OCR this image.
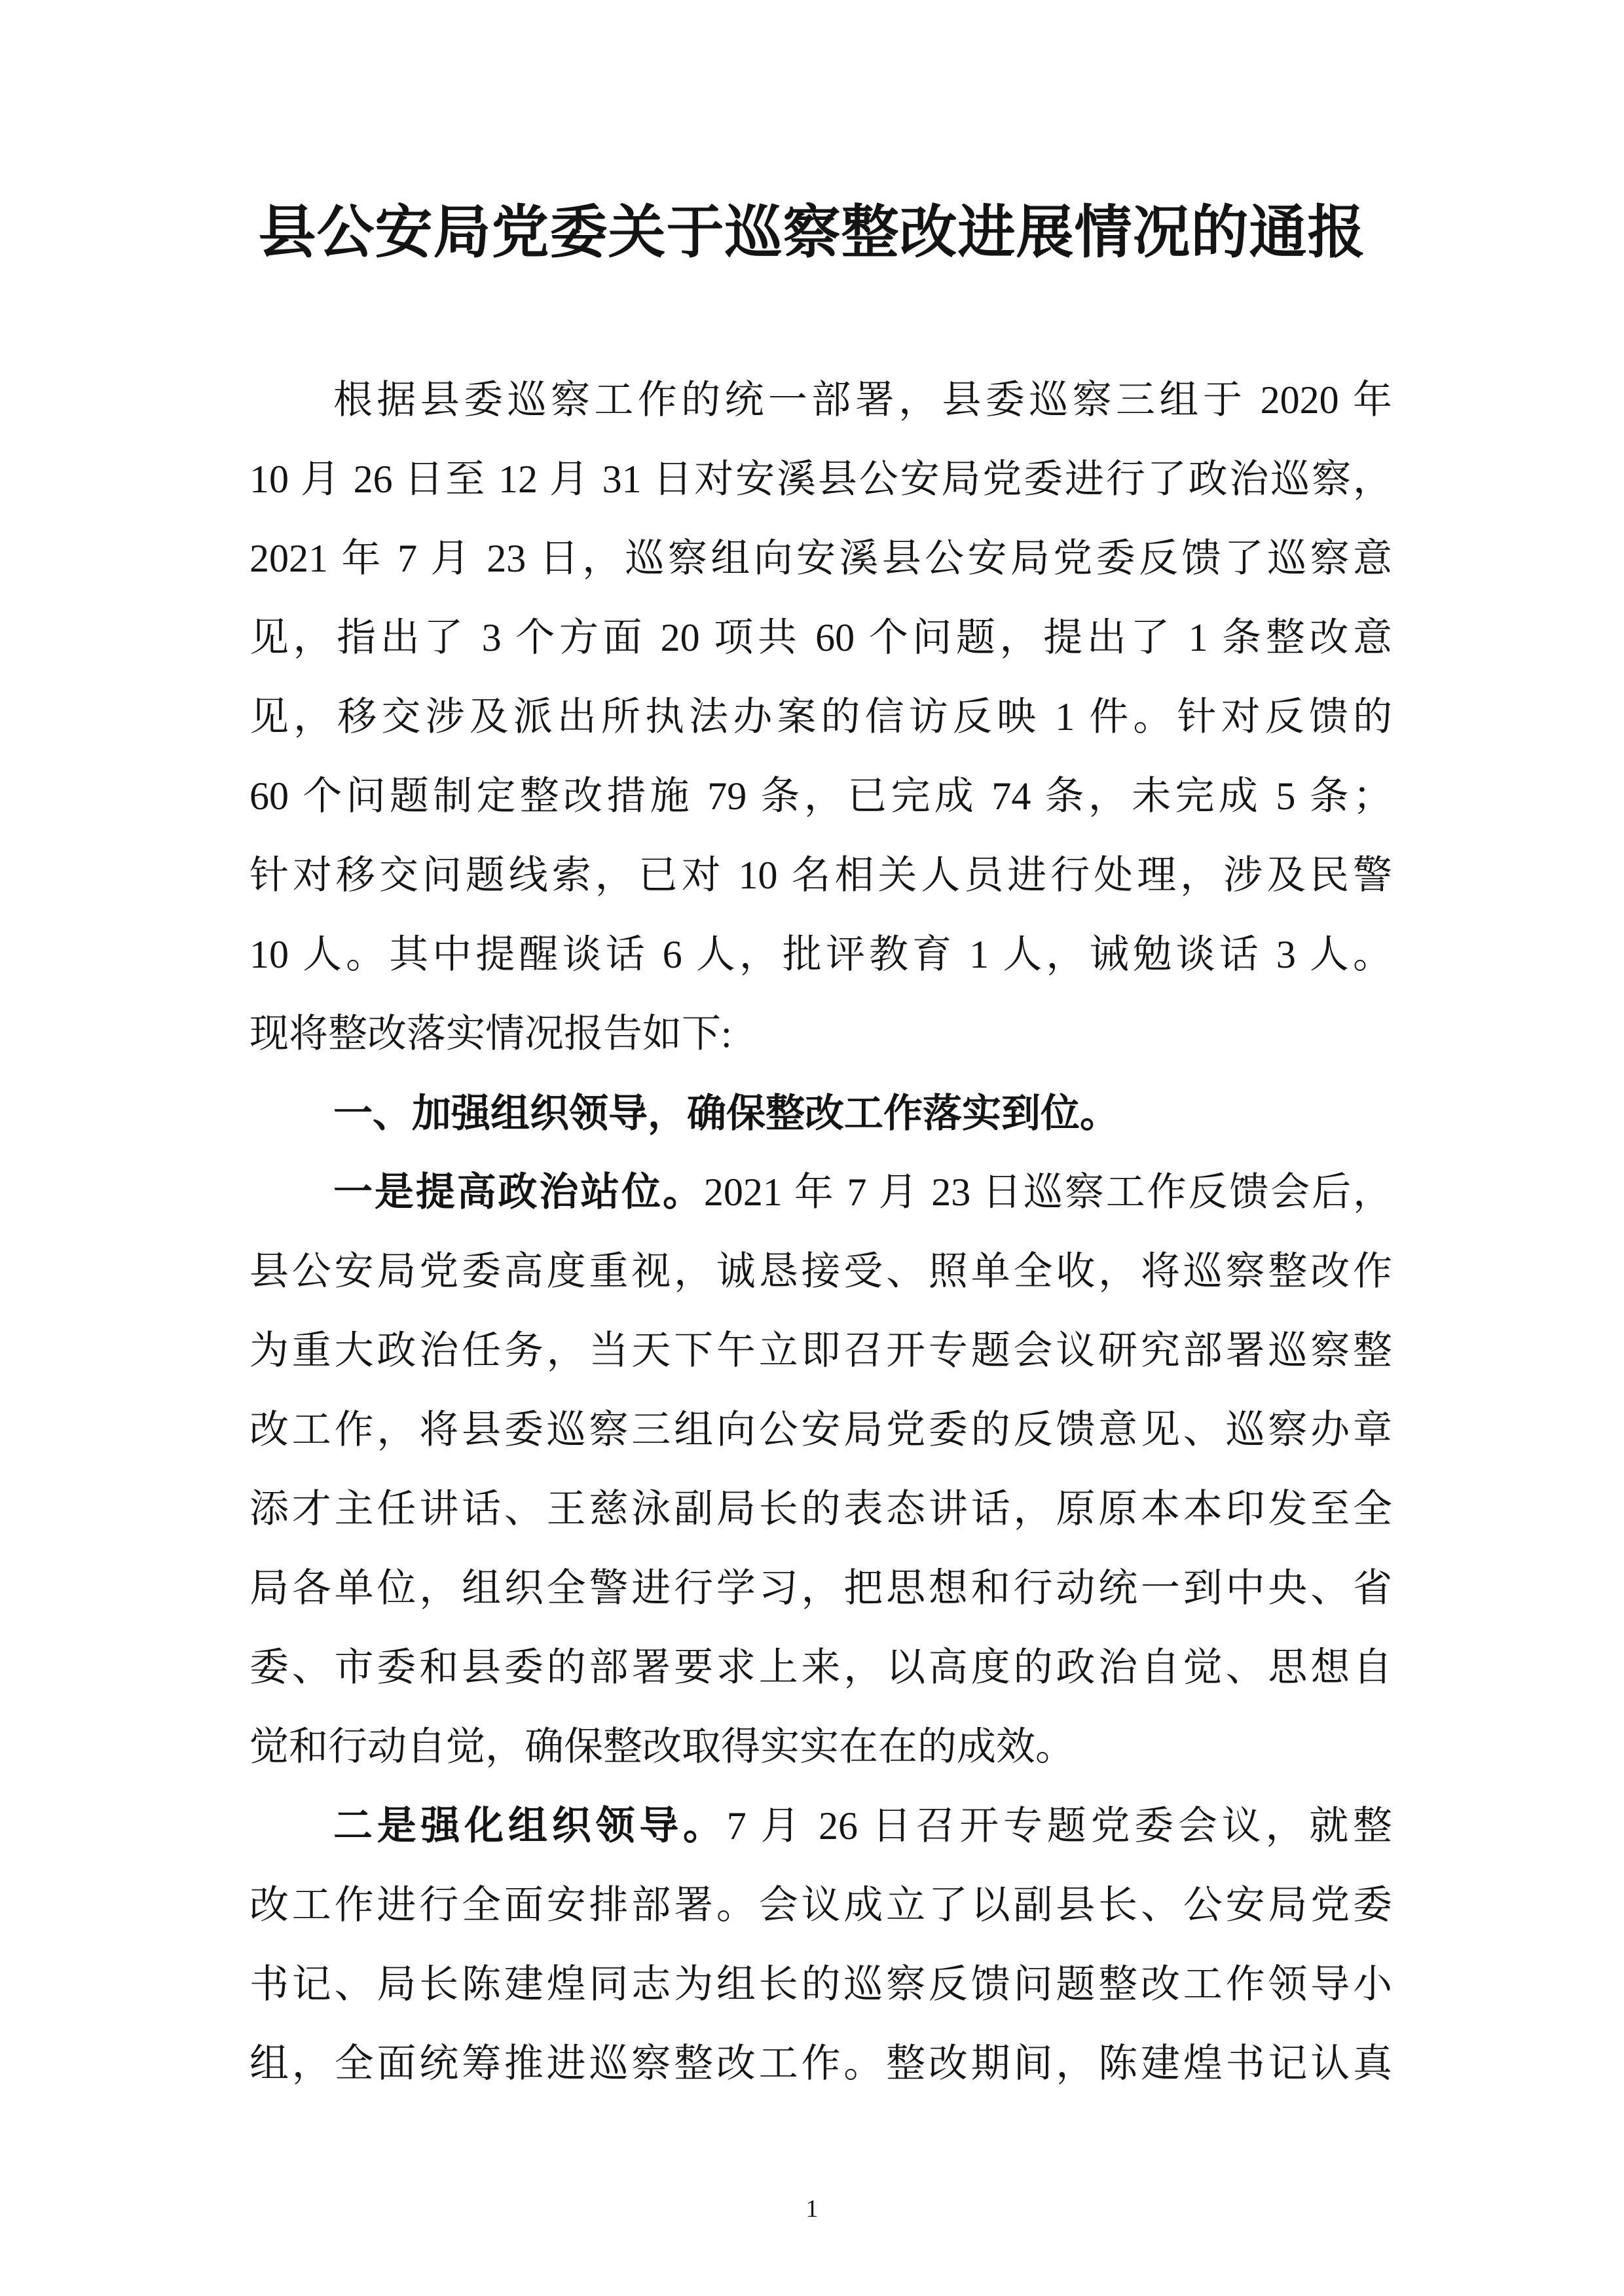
县公安局党委关于巡察整改进展情况的通报
根据县委巡察工作的统一部署，县委巡察三组于 2020 年
10 月 26 日至 12 月 31 日对安溪县公安局党委进行了政治巡察，
2021 年 7 月 23 日，巡察组向安溪县公安局党委反馈了巡察意
见，指出了 3 个方面 20 项共 60 个问题，提出了 1 条整改意
见，移交涉及派出所执法办案的信访反映 1 件。针对反馈的
60 个问题制定整改措施 79 条，已完成 74 条，未完成 5 条；
针对移交问题线索，已对 10 名相关人员进行处理，涉及民警
10 人。其中提醒谈话 6 人，批评教育 1 人，诫勉谈话 3 人。
现将整改落实情况报告如下:
一、加强组织领导，确保整改工作落实到位。
一是提高政治站位。2021 年 7 月 23 日巡察工作反馈会后，
县公安局党委高度重视，诚恳接受、照单全收，将巡察整改作
为重大政治任务，当天下午立即召开专题会议研究部署巡察整
改工作，将县委巡察三组向公安局党委的反馈意见、巡察办章
添才主任讲话、王慈泳副局长的表态讲话，原原本本印发至全
局各单位，组织全警进行学习，把思想和行动统一到中央、省
委、市委和县委的部署要求上来，以高度的政治自觉、思想自
觉和行动自觉，确保整改取得实实在在的成效。
二是强化组织领导。7 月 26 日召开专题党委会议，就整
改工作进行全面安排部署。会议成立了以副县长、公安局党委
书记、局长陈建煌同志为组长的巡察反馈问题整改工作领导小
组，全面统筹推进巡察整改工作。整改期间，陈建煌书记认真
1
